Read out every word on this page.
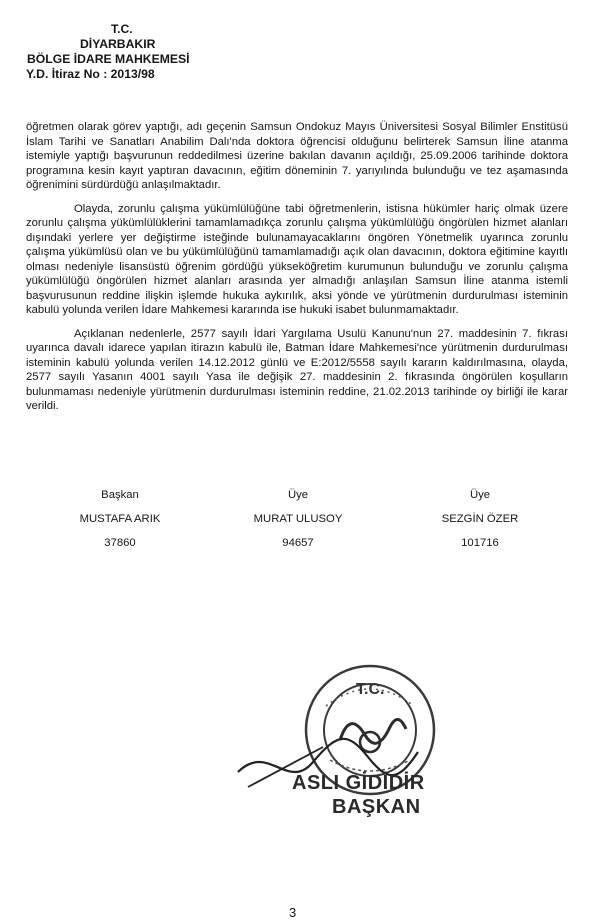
T.C.
DİYARBAKIR
BÖLGE İDARE MAHKEMESİ
Y.D. İtiraz No : 2013/98

öğretmen olarak görev yaptığı, adı geçenin Samsun Ondokuz Mayıs Üniversitesi Sosyal Bilimler Enstitüsü İslam Tarihi ve Sanatları Anabilim Dalı'nda doktora öğrencisi olduğunu belirterek Samsun İline atanma istemiyle yaptığı başvurunun reddedilmesi üzerine bakılan davanın açıldığı, 25.09.2006 tarihinde doktora programına kesin kayıt yaptıran davacının, eğitim döneminin 7. yarıyılında bulunduğu ve tez aşamasında öğrenimini sürdürdüğü anlaşılmaktadır.

Olayda, zorunlu çalışma yükümlülüğüne tabi öğretmenlerin, istisna hükümler hariç olmak üzere zorunlu çalışma yükümlülüklerini tamamlamadıkça zorunlu çalışma yükümlülüğü öngörülen hizmet alanları dışındaki yerlere yer değiştirme isteğinde bulunamayacaklarını öngören Yönetmelik uyarınca zorunlu çalışma yükümlüsü olan ve bu yükümlülüğünü tamamlamadığı açık olan davacının, doktora eğitimine kayıtlı olması nedeniyle lisansüstü öğrenim gördüğü yükseköğretim kurumunun bulunduğu ve zorunlu çalışma yükümlülüğü öngörülen hizmet alanları arasında yer almadığı anlaşılan Samsun İline atanma istemli başvurusunun reddine ilişkin işlemde hukuka aykırılık, aksi yönde ve yürütmenin durdurulması isteminin kabulü yolunda verilen İdare Mahkemesi kararında ise hukuki isabet bulunmamaktadır.

Açıklanan nedenlerle, 2577 sayılı İdari Yargılama Usulü Kanunu'nun 27. maddesinin 7. fıkrası uyarınca davalı idarece yapılan itirazın kabulü ile, Batman İdare Mahkemesi'nce yürütmenin durdurulması isteminin kabulü yolunda verilen 14.12.2012 günlü ve E:2012/5558 sayılı kararın kaldırılmasına, olayda, 2577 sayılı Yasanın 4001 sayılı Yasa ile değişik 27. maddesinin 2. fıkrasında öngörülen koşulların bulunmaması nedeniyle yürütmenin durdurulması isteminin reddine, 21.02.2013 tarihinde oy birliği ile karar verildi.

Başkan
MUSTAFA ARIK
37860
Üye
MURAT ULUSOY
94657
Üye
SEZGİN ÖZER
101716
T.C.
ASLI GİDİDİR
BAŞKAN
3
